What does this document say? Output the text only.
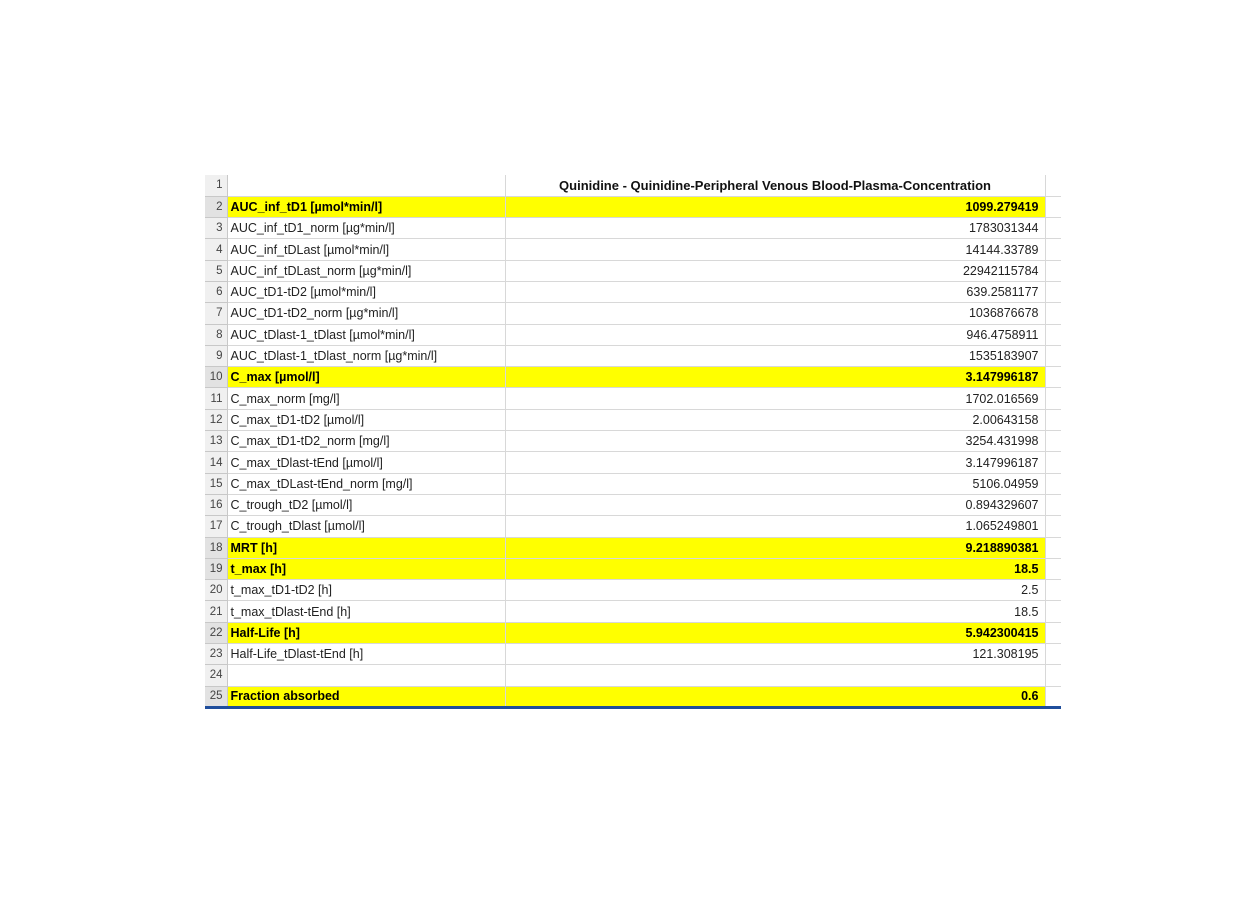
1		Quinidine - Quinidine-Peripheral Venous Blood-Plasma-Concentration	
2	AUC_inf_tD1 [µmol*min/l]	1099.279419	
3	AUC_inf_tD1_norm [µg*min/l]	1783031344	
4	AUC_inf_tDLast [µmol*min/l]	14144.33789	
5	AUC_inf_tDLast_norm [µg*min/l]	22942115784	
6	AUC_tD1-tD2 [µmol*min/l]	639.2581177	
7	AUC_tD1-tD2_norm [µg*min/l]	1036876678	
8	AUC_tDlast-1_tDlast [µmol*min/l]	946.4758911	
9	AUC_tDlast-1_tDlast_norm [µg*min/l]	1535183907	
10	C_max [µmol/l]	3.147996187	
11	C_max_norm [mg/l]	1702.016569	
12	C_max_tD1-tD2 [µmol/l]	2.00643158	
13	C_max_tD1-tD2_norm [mg/l]	3254.431998	
14	C_max_tDlast-tEnd [µmol/l]	3.147996187	
15	C_max_tDLast-tEnd_norm [mg/l]	5106.04959	
16	C_trough_tD2 [µmol/l]	0.894329607	
17	C_trough_tDlast [µmol/l]	1.065249801	
18	MRT [h]	9.218890381	
19	t_max [h]	18.5	
20	t_max_tD1-tD2 [h]	2.5	
21	t_max_tDlast-tEnd [h]	18.5	
22	Half-Life [h]	5.942300415	
23	Half-Life_tDlast-tEnd [h]	121.308195	
24			
25	Fraction absorbed	0.6	
